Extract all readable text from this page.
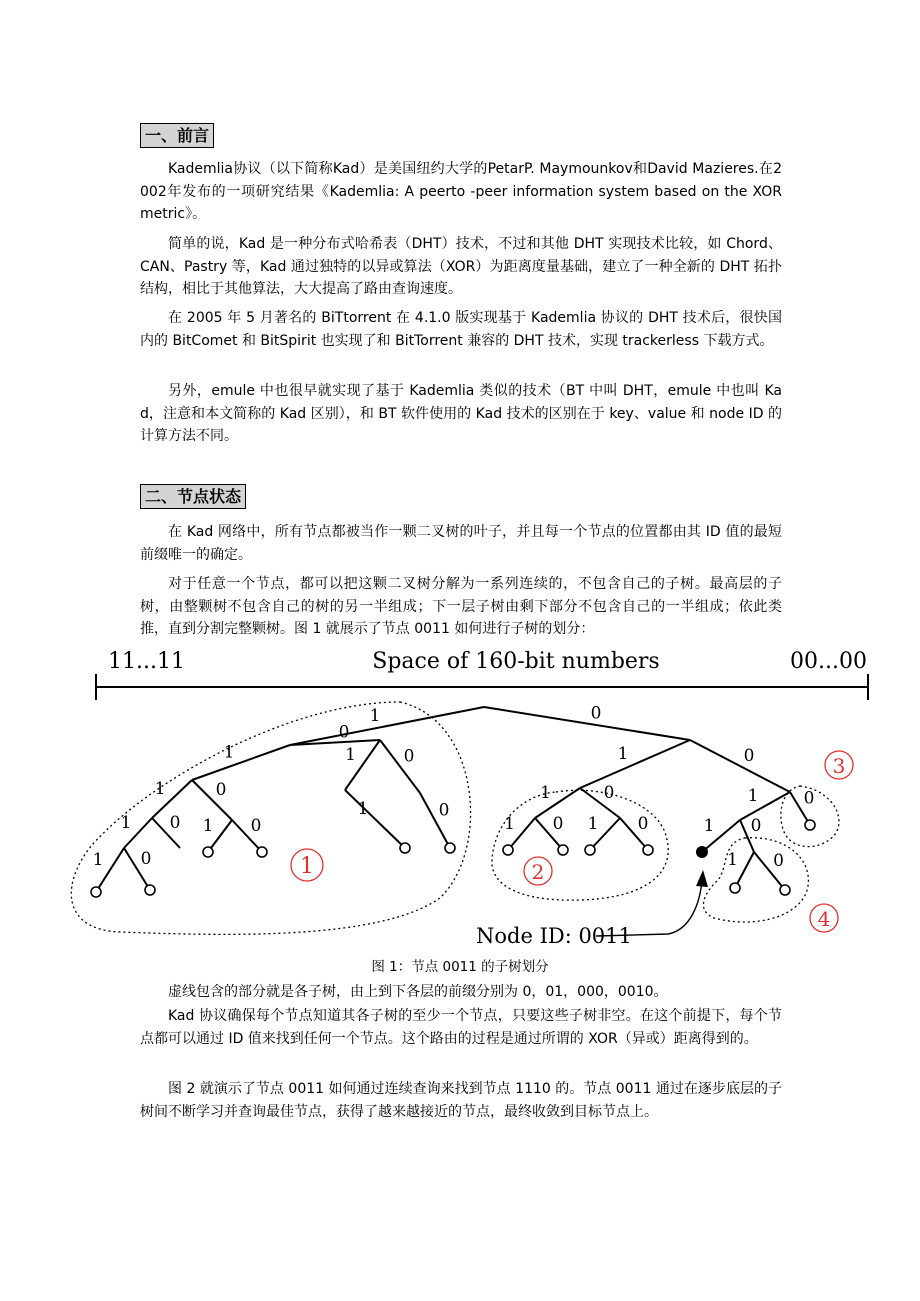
一、前言

Kademlia协议（以下简称Kad）是美国纽约大学的PetarP. Maymounkov和David Mazieres.在2002年发布的一项研究结果《Kademlia: A peerto -peer information system based on the XOR metric》。

简单的说，Kad 是一种分布式哈希表（DHT）技术，不过和其他 DHT 实现技术比较，如 Chord、CAN、Pastry 等，Kad 通过独特的以异或算法（XOR）为距离度量基础，建立了一种全新的 DHT 拓扑结构，相比于其他算法，大大提高了路由查询速度。

在 2005 年 5 月著名的 BiTtorrent 在 4.1.0 版实现基于 Kademlia 协议的 DHT 技术后，很快国内的 BitComet 和 BitSpirit 也实现了和 BitTorrent 兼容的 DHT 技术，实现 trackerless 下载方式。

另外，emule 中也很早就实现了基于 Kademlia 类似的技术（BT 中叫 DHT，emule 中也叫 Kad，注意和本文简称的 Kad 区别），和 BT 软件使用的 Kad 技术的区别在于 key、value 和 node ID 的计算方法不同。

二、节点状态

在 Kad 网络中，所有节点都被当作一颗二叉树的叶子，并且每一个节点的位置都由其 ID 值的最短前缀唯一的确定。

对于任意一个节点，都可以把这颗二叉树分解为一系列连续的，不包含自己的子树。最高层的子树，由整颗树不包含自己的树的另一半组成；下一层子树由剩下部分不包含自己的一半组成；依此类推，直到分割完整颗树。图 1 就展示了节点 0011 如何进行子树的划分：

11...11	Space of 160-bit numbers	00...00
1	0
1
0
1	0
1	0
1 0 1 0
1	0
1 0
1	0
1	0	1	0
1 0 1 0	1 0
1 0
1	2
3
4
Node ID: 0011
图 1：节点 0011 的子树划分

虚线包含的部分就是各子树，由上到下各层的前缀分别为 0，01，000，0010。

Kad 协议确保每个节点知道其各子树的至少一个节点，只要这些子树非空。在这个前提下，每个节点都可以通过 ID 值来找到任何一个节点。这个路由的过程是通过所谓的 XOR（异或）距离得到的。

图 2 就演示了节点 0011 如何通过连续查询来找到节点 1110 的。节点 0011 通过在逐步底层的子树间不断学习并查询最佳节点，获得了越来越接近的节点，最终收敛到目标节点上。
